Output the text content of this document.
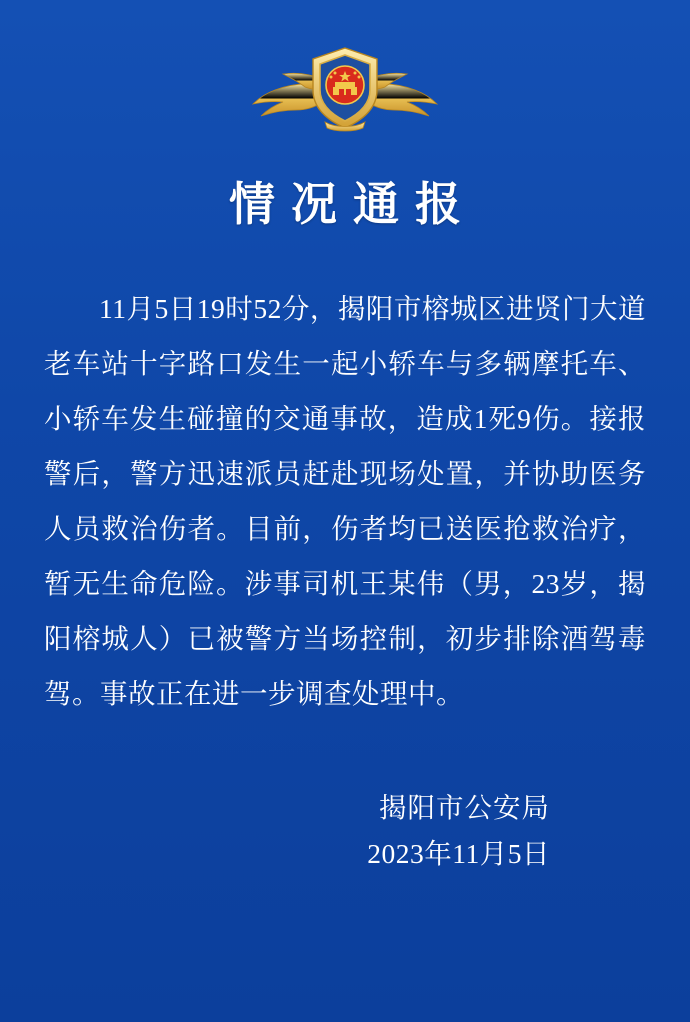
情况通报
11月5日19时52分，揭阳市榕城区进贤门大道老车站十字路口发生一起小轿车与多辆摩托车、小轿车发生碰撞的交通事故，造成1死9伤。接报警后，警方迅速派员赶赴现场处置，并协助医务人员救治伤者。目前，伤者均已送医抢救治疗，暂无生命危险。涉事司机王某伟（男，23岁，揭阳榕城人）已被警方当场控制，初步排除酒驾毒驾。事故正在进一步调查处理中。
揭阳市公安局
2023年11月5日
